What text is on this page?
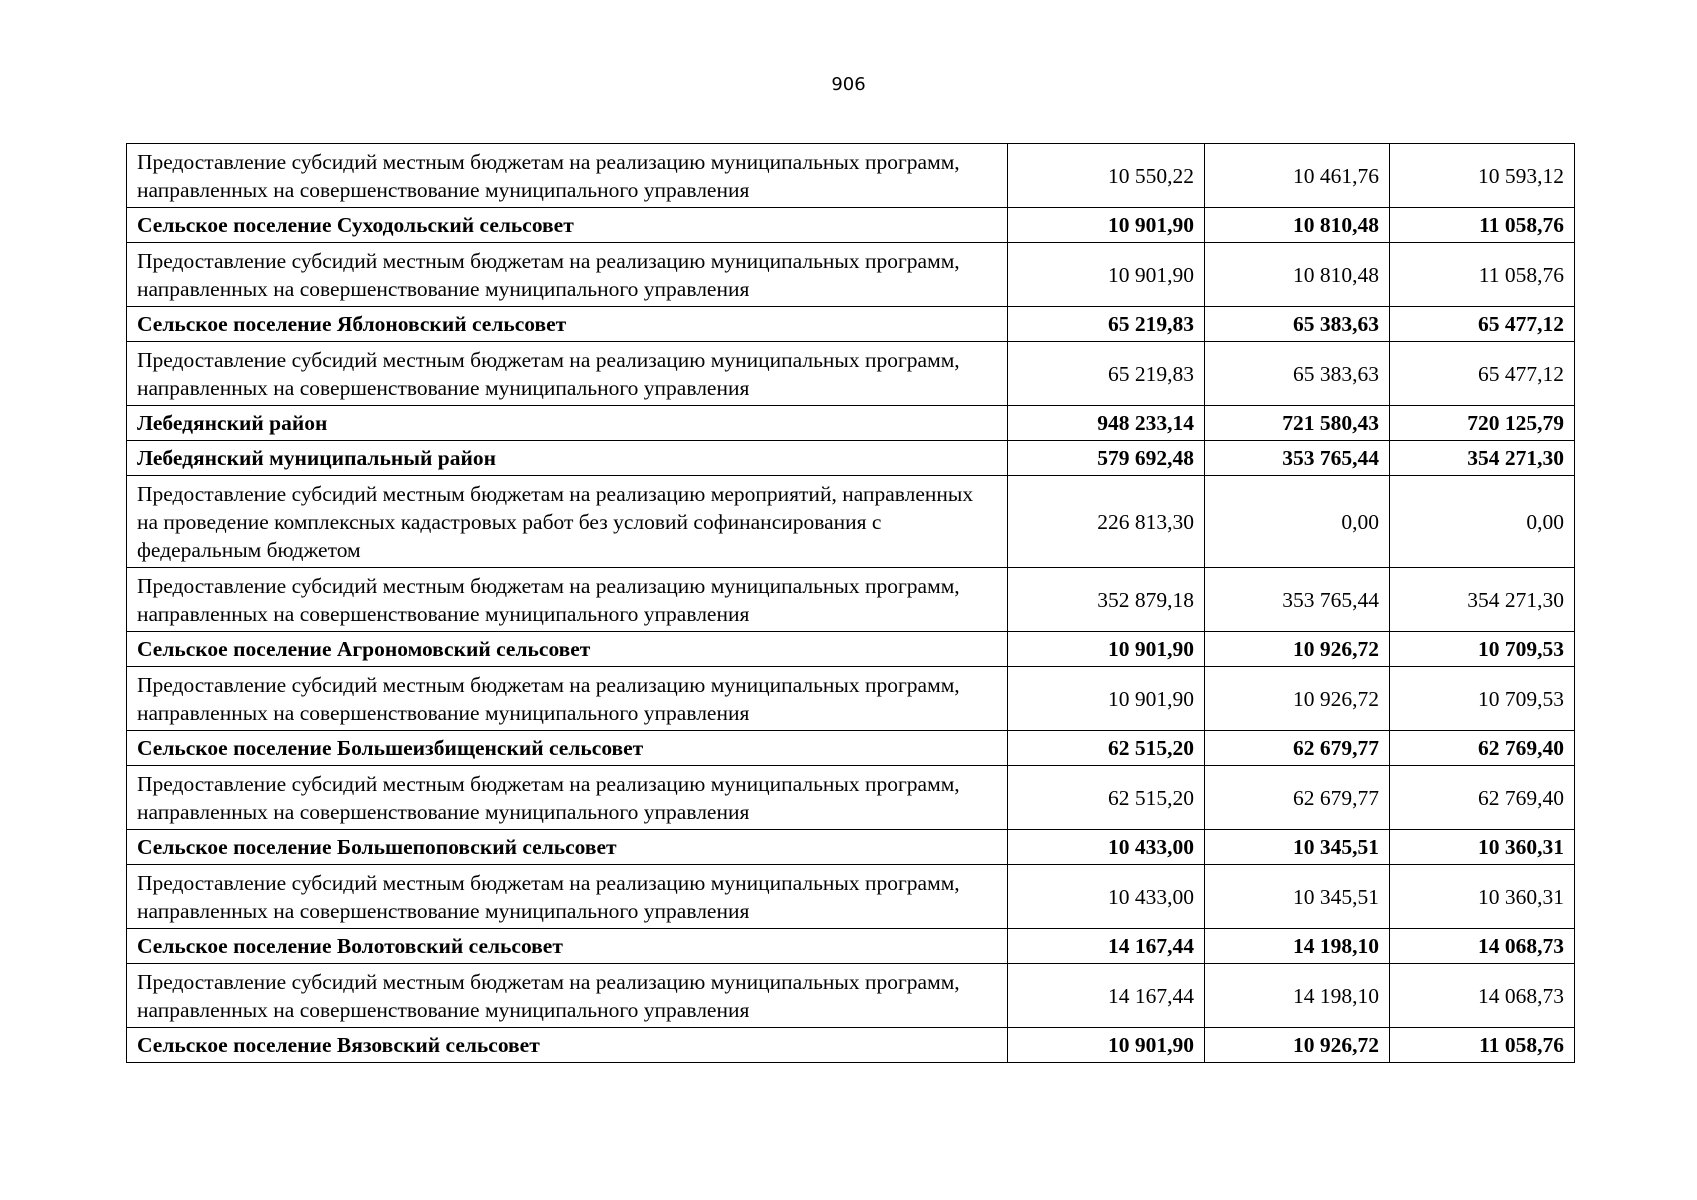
906
Предоставление субсидий местным бюджетам на реализацию муниципальных программ, направленных на совершенствование муниципального управления	10 550,22	10 461,76	10 593,12
Сельское поселение Суходольский сельсовет	10 901,90	10 810,48	11 058,76
Предоставление субсидий местным бюджетам на реализацию муниципальных программ, направленных на совершенствование муниципального управления	10 901,90	10 810,48	11 058,76
Сельское поселение Яблоновский сельсовет	65 219,83	65 383,63	65 477,12
Предоставление субсидий местным бюджетам на реализацию муниципальных программ, направленных на совершенствование муниципального управления	65 219,83	65 383,63	65 477,12
Лебедянский район	948 233,14	721 580,43	720 125,79
Лебедянский муниципальный район	579 692,48	353 765,44	354 271,30
Предоставление субсидий местным бюджетам на реализацию мероприятий, направленных на проведение комплексных кадастровых работ без условий софинансирования с федеральным бюджетом	226 813,30	0,00	0,00
Предоставление субсидий местным бюджетам на реализацию муниципальных программ, направленных на совершенствование муниципального управления	352 879,18	353 765,44	354 271,30
Сельское поселение Агрономовский сельсовет	10 901,90	10 926,72	10 709,53
Предоставление субсидий местным бюджетам на реализацию муниципальных программ, направленных на совершенствование муниципального управления	10 901,90	10 926,72	10 709,53
Сельское поселение Большеизбищенский сельсовет	62 515,20	62 679,77	62 769,40
Предоставление субсидий местным бюджетам на реализацию муниципальных программ, направленных на совершенствование муниципального управления	62 515,20	62 679,77	62 769,40
Сельское поселение Большепоповский сельсовет	10 433,00	10 345,51	10 360,31
Предоставление субсидий местным бюджетам на реализацию муниципальных программ, направленных на совершенствование муниципального управления	10 433,00	10 345,51	10 360,31
Сельское поселение Волотовский сельсовет	14 167,44	14 198,10	14 068,73
Предоставление субсидий местным бюджетам на реализацию муниципальных программ, направленных на совершенствование муниципального управления	14 167,44	14 198,10	14 068,73
Сельское поселение Вязовский сельсовет	10 901,90	10 926,72	11 058,76
